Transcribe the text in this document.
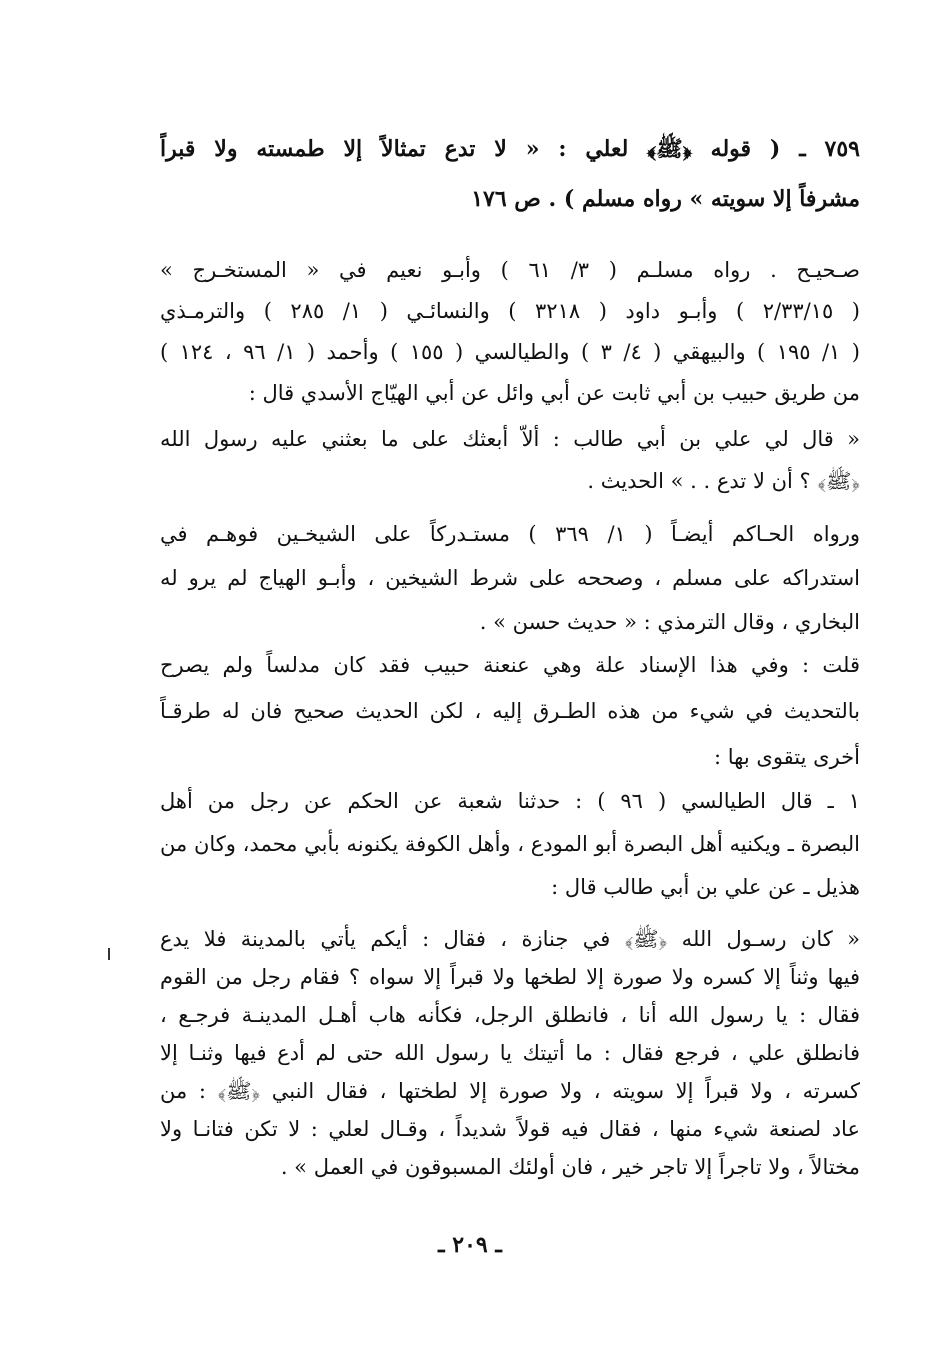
٧٥٩ ـ ( قوله ﴿ﷺ﴾ لعلي : « لا تدع تمثالاً إلا طمسته ولا قبراً
مشرفاً إلا سويته » رواه مسلم ) . ص ١٧٦
صـحيـح . رواه مسلـم ( ٣/ ٦١ ) وأبـو نعيم في « المستخـرج »
( ٢/٣٣/١٥ ) وأبـو داود ( ٣٢١٨ ) والنسائـي ( ١/ ٢٨٥ ) والترمـذي
( ١/ ١٩٥ ) والبيهقي ( ٤/ ٣ ) والطيالسي ( ١٥٥ ) وأحمد ( ١/ ٩٦ ، ١٢٤ )
من طريق حبيب بن أبي ثابت عن أبي وائل عن أبي الهيّاج الأسدي قال :
« قال لي علي بن أبي طالب : ألاّ أبعثك على ما بعثني عليه رسول الله
﴿ﷺ﴾ ؟ أن لا تدع . . » الحديث .
ورواه الحـاكم أيضـاً ( ١/ ٣٦٩ ) مستـدركاً على الشيخـين فوهـم في
استدراكه على مسلم ، وصححه على شرط الشيخين ، وأبـو الهياج لم يرو له
البخاري ، وقال الترمذي : « حديث حسن » .
قلت : وفي هذا الإسناد علة وهي عنعنة حبيب فقد كان مدلساً ولم يصرح
بالتحديث في شيء من هذه الطـرق إليه ، لكن الحديث صحيح فان له طرقـاً
أخرى يتقوى بها :
١ ـ قال الطيالسي ( ٩٦ ) : حدثنا شعبة عن الحكم عن رجل من أهل
البصرة ـ ويكنيه أهل البصرة أبو المودع ، وأهل الكوفة يكنونه بأبي محمد، وكان من
هذيل ـ عن علي بن أبي طالب قال :
« كان رسـول الله ﴿ﷺ﴾ في جنازة ، فقال : أيكم يأتي بالمدينة فلا يدع
فيها وثناً إلا كسره ولا صورة إلا لطخها ولا قبراً إلا سواه ؟ فقام رجل من القوم
فقال : يا رسول الله أنا ، فانطلق الرجل، فكأنه هاب أهـل المدينـة فرجـع ،
فانطلق علي ، فرجع فقال : ما أتيتك يا رسول الله حتى لم أدع فيها وثنـا إلا
كسرته ، ولا قبراً إلا سويته ، ولا صورة إلا لطختها ، فقال النبي ﴿ﷺ﴾ : من
عاد لصنعة شيء منها ، فقال فيه قولاً شديداً ، وقـال لعلي : لا تكن فتانـا ولا
مختالاً ، ولا تاجراً إلا تاجر خير ، فان أولئك المسبوقون في العمل » .
ـ ٢٠٩ ـ
